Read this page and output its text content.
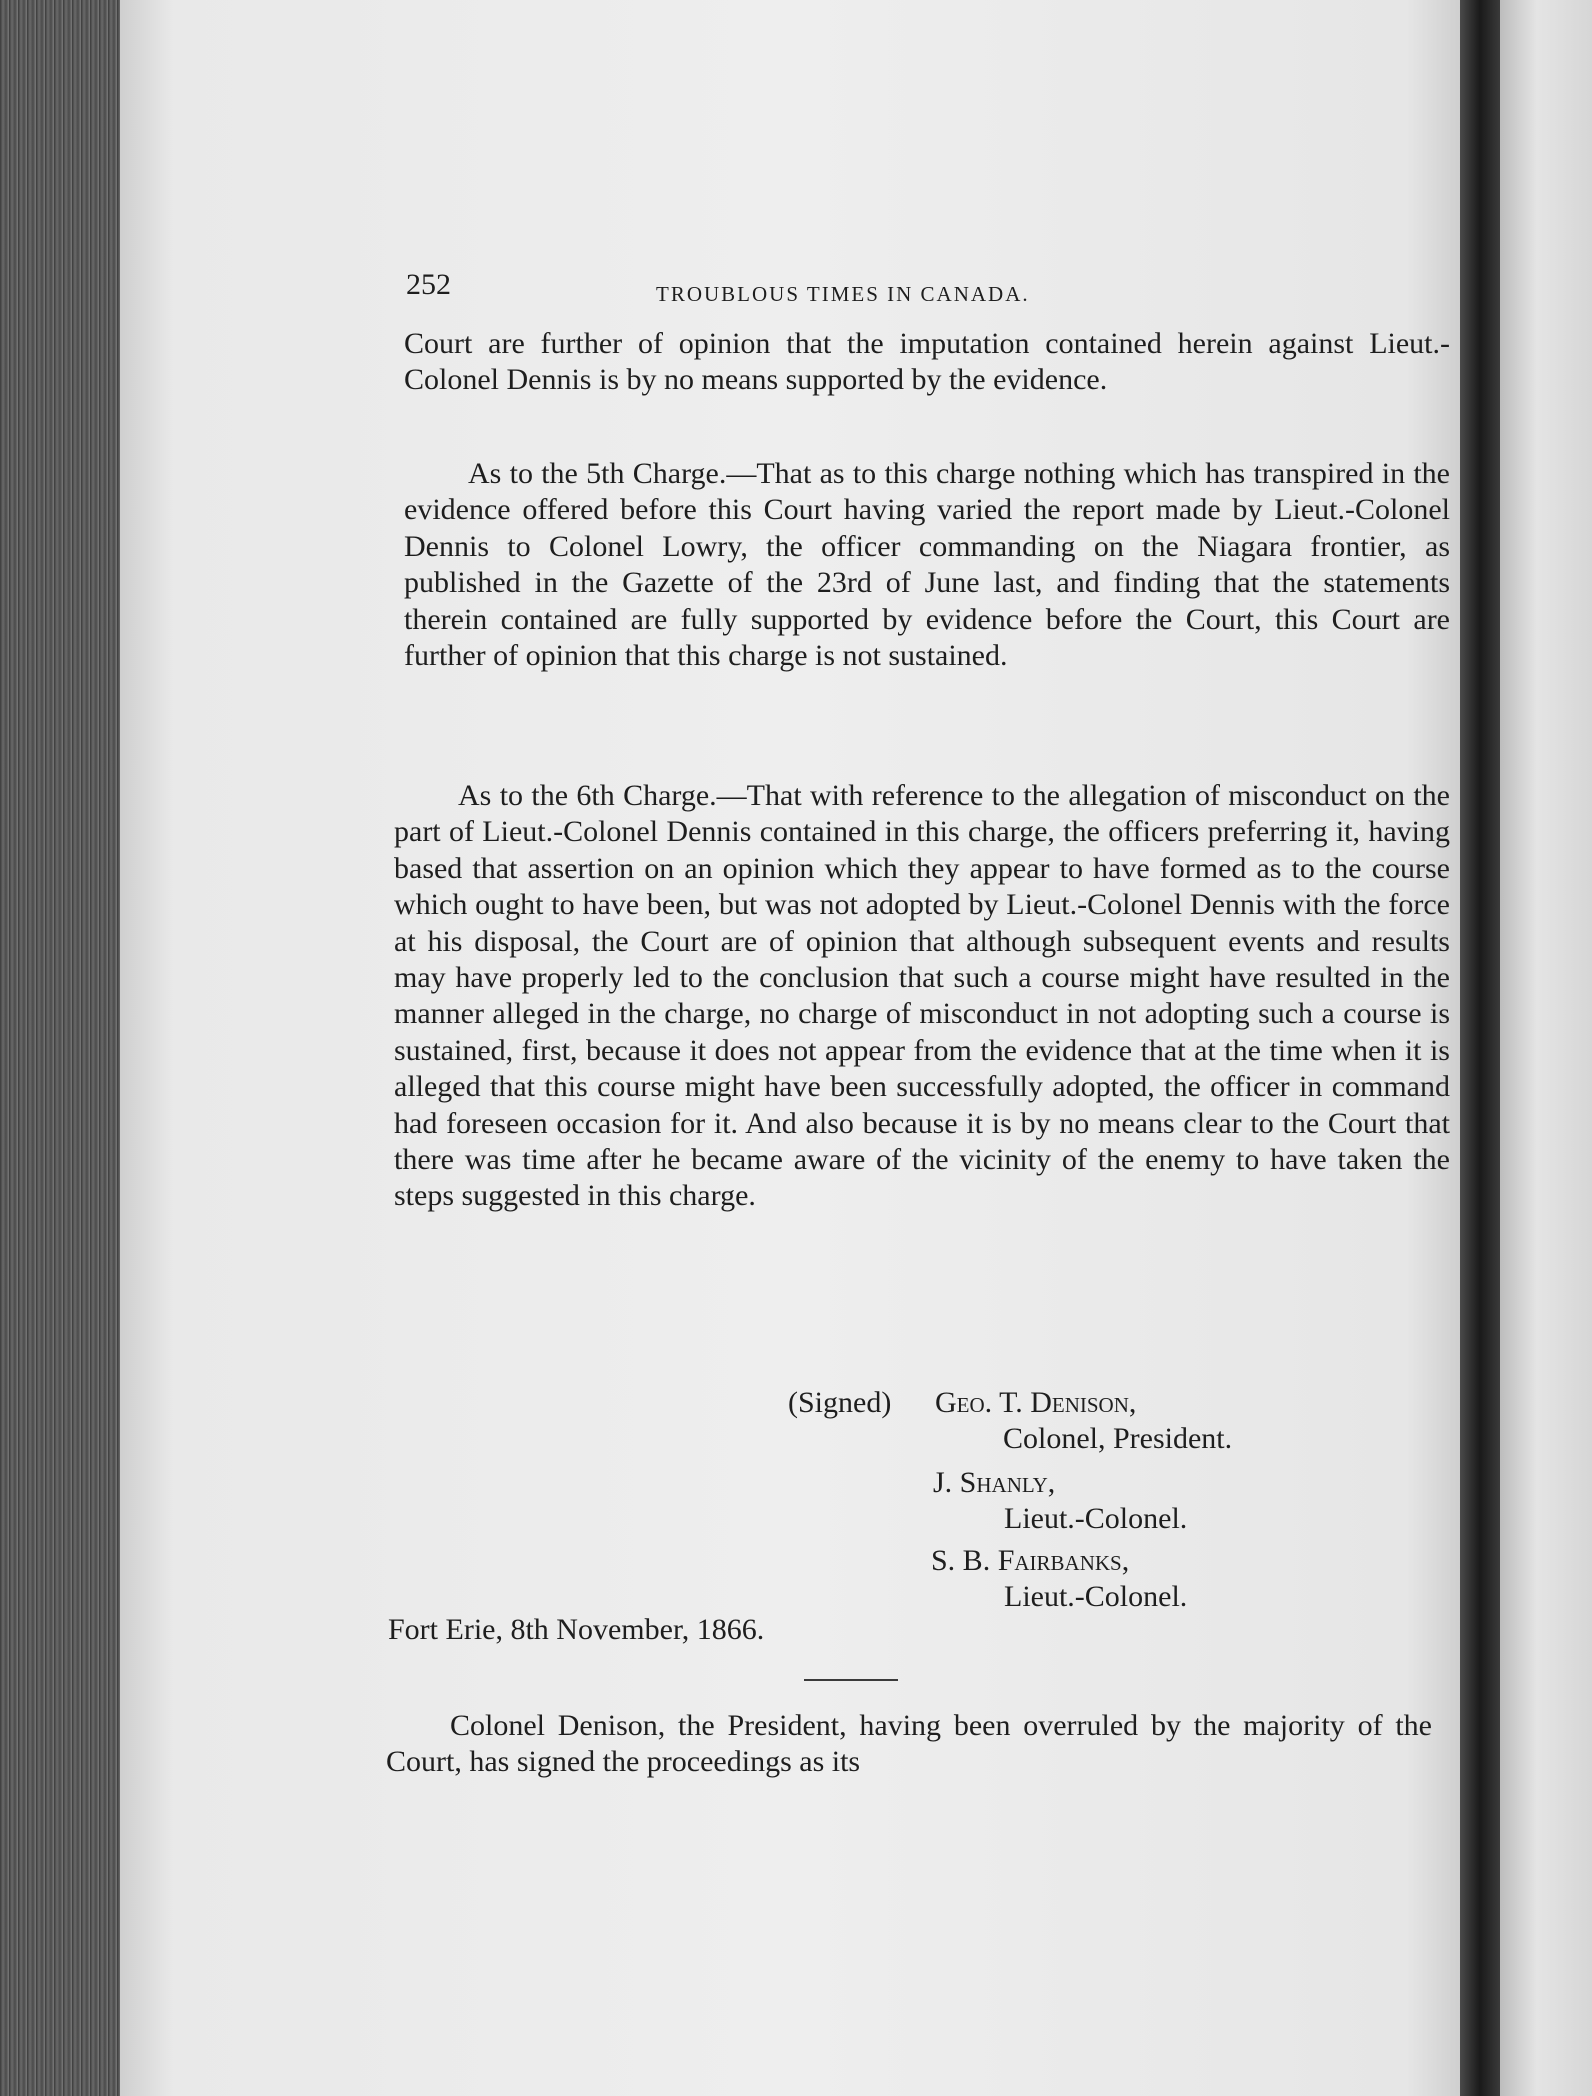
252	TROUBLOUS TIMES IN CANADA.

Court are further of opinion that the imputation contained herein against Lieut.-Colonel Dennis is by no means supported by the evidence.

As to the 5th Charge.—That as to this charge nothing which has transpired in the evidence offered before this Court having varied the report made by Lieut.-Colonel Dennis to Colonel Lowry, the officer commanding on the Niagara frontier, as published in the Gazette of the 23rd of June last, and finding that the statements therein contained are fully supported by evidence before the Court, this Court are further of opinion that this charge is not sustained.

As to the 6th Charge.—That with reference to the allegation of misconduct on the part of Lieut.-Colonel Dennis contained in this charge, the officers preferring it, having based that assertion on an opinion which they appear to have formed as to the course which ought to have been, but was not adopted by Lieut.-Colonel Dennis with the force at his disposal, the Court are of opinion that although subsequent events and results may have properly led to the conclusion that such a course might have resulted in the manner alleged in the charge, no charge of misconduct in not adopting such a course is sustained, first, because it does not appear from the evidence that at the time when it is alleged that this course might have been successfully adopted, the officer in command had foreseen occasion for it. And also because it is by no means clear to the Court that there was time after he became aware of the vicinity of the enemy to have taken the steps suggested in this charge.

(Signed) Geo. T. Denison,
Colonel, President.
J. Shanly,
Lieut.-Colonel.
S. B. Fairbanks,
Lieut.-Colonel.

Fort Erie, 8th November, 1866.

Colonel Denison, the President, having been overruled by the majority of the Court, has signed the proceedings as its
